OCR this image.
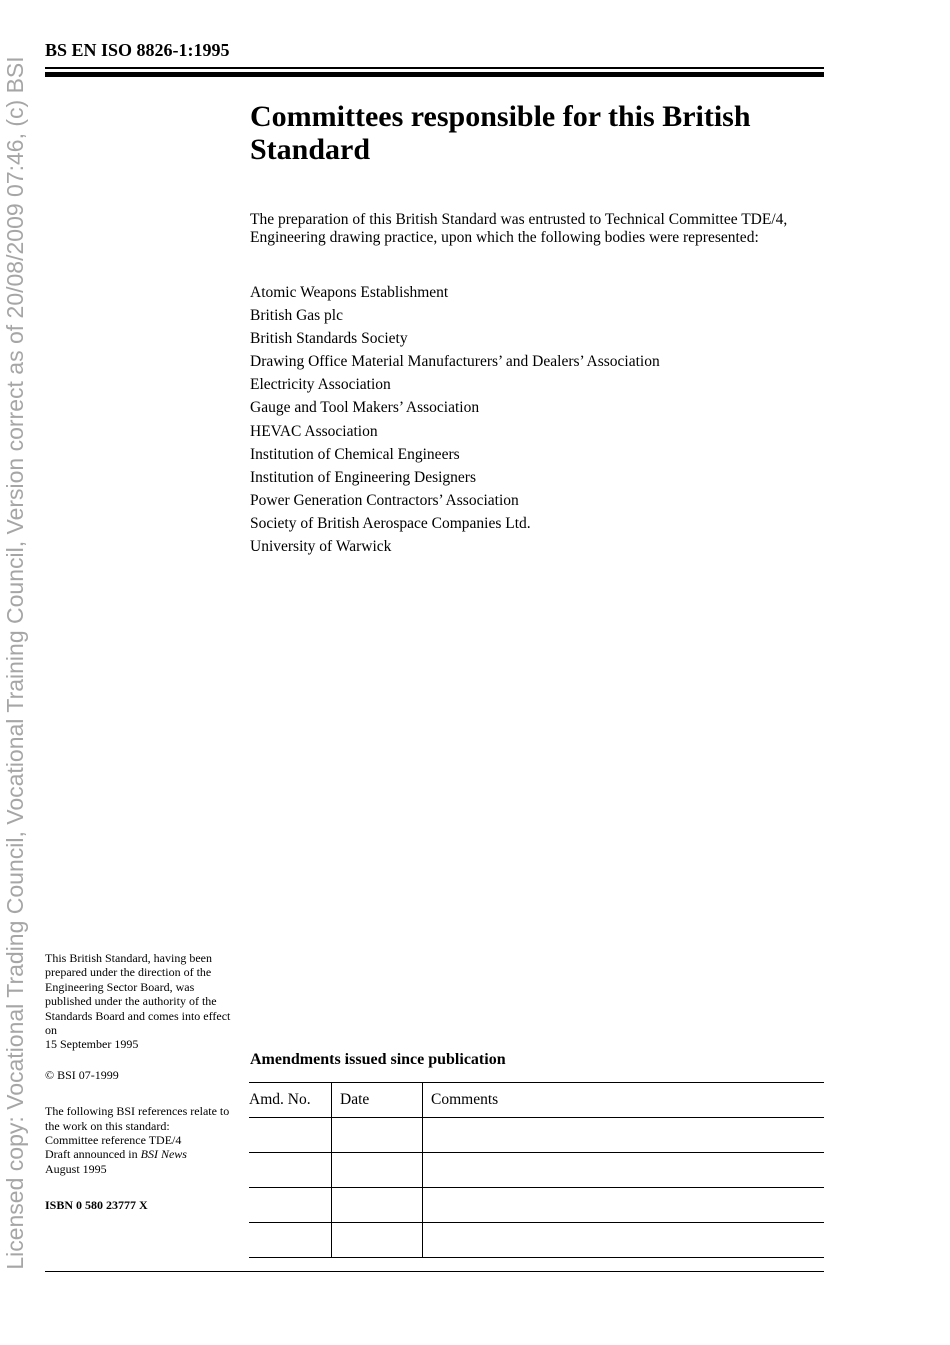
Licensed copy: Vocational Trading Council, Vocational Training Council, Version correct as of 20/08/2009 07:46, (c) BSI
BS EN ISO 8826-1:1995
Committees responsible for this British Standard

The preparation of this British Standard was entrusted to Technical Committee TDE/4, Engineering drawing practice, upon which the following bodies were represented:

Atomic Weapons Establishment
British Gas plc
British Standards Society
Drawing Office Material Manufacturers’ and Dealers’ Association
Electricity Association
Gauge and Tool Makers’ Association
HEVAC Association
Institution of Chemical Engineers
Institution of Engineering Designers
Power Generation Contractors’ Association
Society of British Aerospace Companies Ltd.
University of Warwick

This British Standard, having been prepared under the direction of the Engineering Sector Board, was published under the authority of the Standards Board and comes into effect on

15 September 1995

© BSI 07-1999

The following BSI references relate to the work on this standard:

Committee reference TDE/4

Draft announced in BSI News

August 1995

ISBN 0 580 23777 X

Amendments issued since publication
Amd. No.	Date	Comments
